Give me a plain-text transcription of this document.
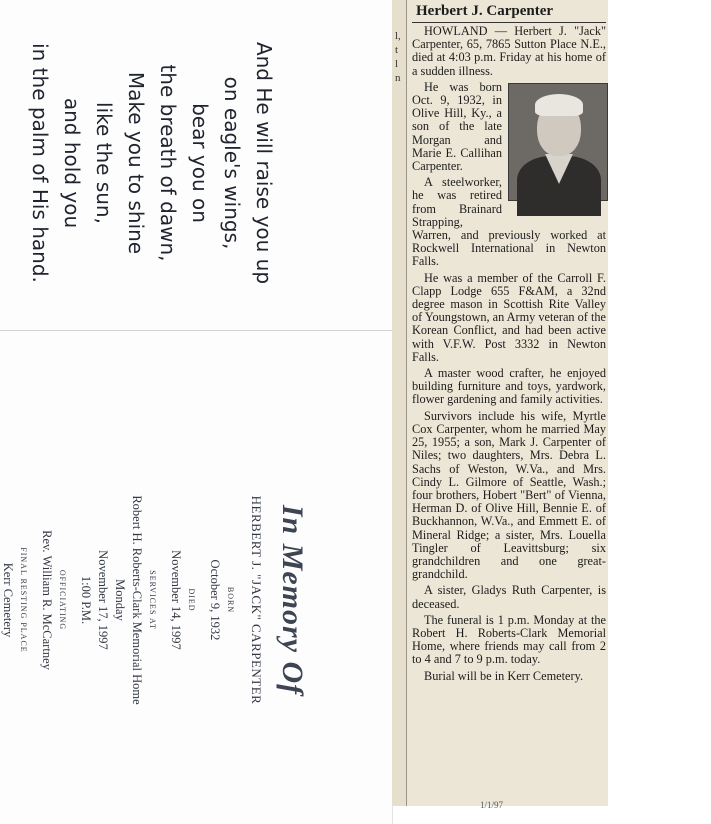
And He will raise you up
on eagle's wings,
bear you on
the breath of dawn,
Make you to shine
like the sun,
and hold you
in the palm of His hand.
In Memory Of
HERBERT J. "JACK" CARPENTER
BORN
October 9, 1932
DIED
November 14, 1997
SERVICES AT
Robert H. Roberts-Clark Memorial Home
Monday
November 17, 1997
1:00 P.M.
OFFICIATING
Rev. William R. McCartney
FINAL RESTING PLACE
Kerr Cemetery
l,
t
l
n
Herbert J. Carpenter

HOWLAND — Herbert J. "Jack" Carpenter, 65, 7865 Sutton Place N.E., died at 4:03 p.m. Friday at his home of a sudden illness.

He was born Oct. 9, 1932, in Olive Hill, Ky., a son of the late Morgan and Marie E. Callihan Carpenter.

A steelworker, he was retired from Brainard Strapping, Warren, and previously worked at Rockwell International in Newton Falls.

He was a member of the Carroll F. Clapp Lodge 655 F&AM, a 32nd degree mason in Scottish Rite Valley of Youngstown, an Army veteran of the Korean Conflict, and had been active with V.F.W. Post 3332 in Newton Falls.

A master wood crafter, he enjoyed building furniture and toys, yardwork, flower gardening and family activities.

Survivors include his wife, Myrtle Cox Carpenter, whom he married May 25, 1955; a son, Mark J. Carpenter of Niles; two daughters, Mrs. Debra L. Sachs of Weston, W.Va., and Mrs. Cindy L. Gilmore of Seattle, Wash.; four brothers, Hobert "Bert" of Vienna, Herman D. of Olive Hill, Bennie E. of Buckhannon, W.Va., and Emmett E. of Mineral Ridge; a sister, Mrs. Louella Tingler of Leavittsburg; six grandchildren and one great-grandchild.

A sister, Gladys Ruth Carpenter, is deceased.

The funeral is 1 p.m. Monday at the Robert H. Roberts-Clark Memorial Home, where friends may call from 2 to 4 and 7 to 9 p.m. today.

Burial will be in Kerr Cemetery.

1/1/97
